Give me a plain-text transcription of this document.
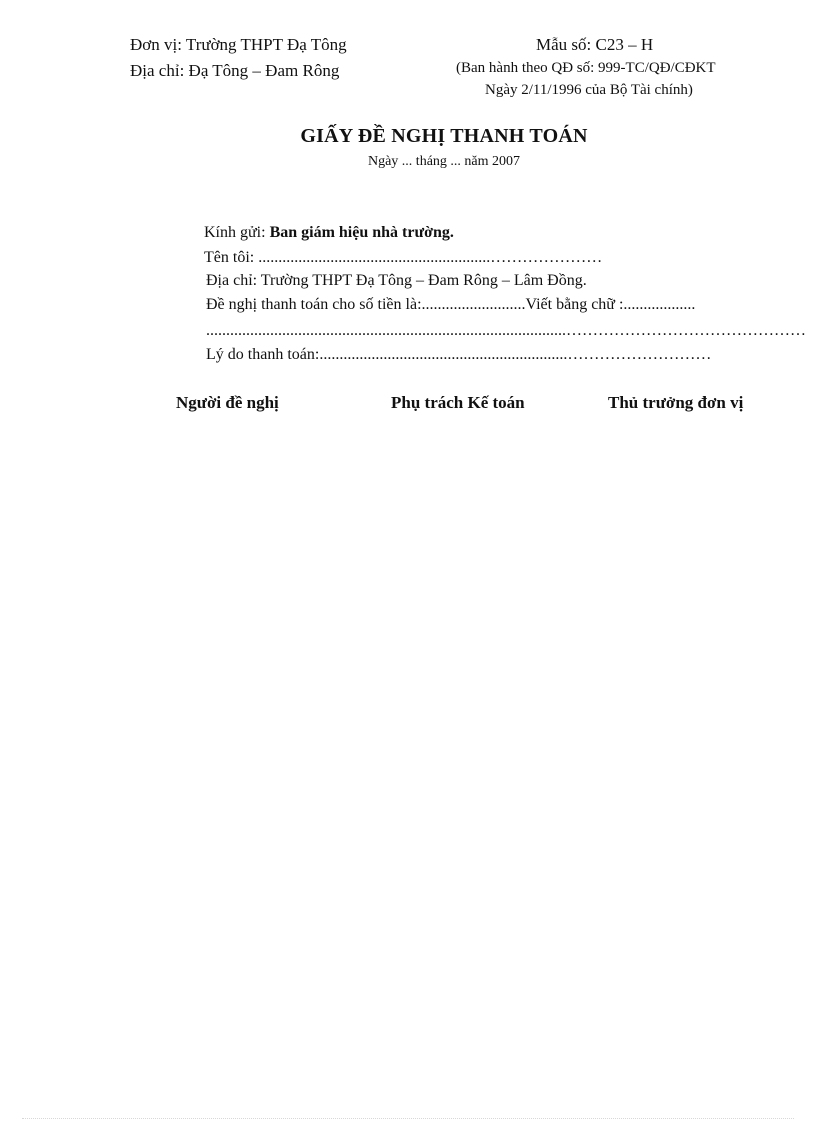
Đơn vị: Trường THPT Đạ Tông
Địa chỉ: Đạ Tông – Đam Rông
Mẫu số: C23 – H
(Ban hành theo QĐ số: 999-TC/QĐ/CĐKT
Ngày 2/11/1996 của Bộ Tài chính)
GIẤY ĐỀ NGHỊ THANH TOÁN
Ngày ... tháng ... năm 2007
Kính gửi: Ban giám hiệu nhà trường.
Tên tôi: ..........................................................…………………
Địa chỉ: Trường THPT Đạ Tông – Đam Rông – Lâm Đồng.
Đề nghị thanh toán cho số tiền là:..........................Viết bằng chữ :..................
..........................................................................................………………………………………
Lý do thanh toán:..............................................................………………………
Người đề nghị	Phụ trách Kế toán	Thủ trưởng đơn vị
